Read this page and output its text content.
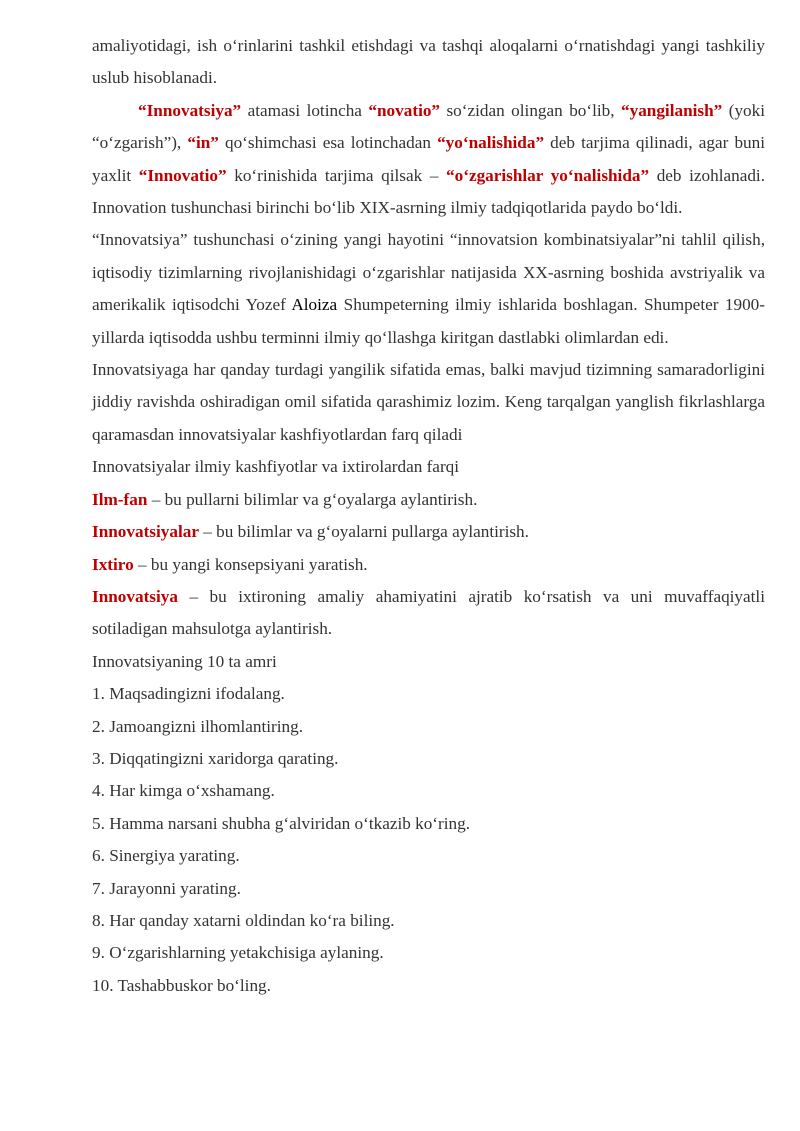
amaliyotidagi, ish o‘rinlarini tashkil etishdagi va tashqi aloqalarni o‘rnatishdagi yangi tashkiliy uslub hisoblanadi.

“Innovatsiya” atamasi lotincha “novatio” so‘zidan olingan bo‘lib, “yangilanish” (yoki “o‘zgarish”), “in” qo‘shimchasi esa lotinchadan “yo‘nalishida” deb tarjima qilinadi, agar buni yaxlit “Innovatio” ko‘rinishida tarjima qilsak – “o‘zgarishlar yo‘nalishida” deb izohlanadi. Innovation tushunchasi birinchi bo‘lib XIX-asrning ilmiy tadqiqotlarida paydo bo‘ldi.

“Innovatsiya” tushunchasi o‘zining yangi hayotini “innovatsion kombinatsiyalar”ni tahlil qilish, iqtisodiy tizimlarning rivojlanishidagi o‘zgarishlar natijasida XX-asrning boshida avstriyalik va amerikalik iqtisodchi Yozef Aloiza Shumpeterning ilmiy ishlarida boshlagan. Shumpeter 1900-yillarda iqtisodda ushbu terminni ilmiy qo‘llashga kiritgan dastlabki olimlardan edi.

Innovatsiyaga har qanday turdagi yangilik sifatida emas, balki mavjud tizimning samaradorligini jiddiy ravishda oshiradigan omil sifatida qarashimiz lozim. Keng tarqalgan yanglish fikrlashlarga qaramasdan innovatsiyalar kashfiyotlardan farq qiladi

Innovatsiyalar ilmiy kashfiyotlar va ixtirolardan farqi

Ilm-fan – bu pullarni bilimlar va g‘oyalarga aylantirish.

Innovatsiyalar – bu bilimlar va g‘oyalarni pullarga aylantirish.

Ixtiro – bu yangi konsepsiyani yaratish.

Innovatsiya – bu ixtironing amaliy ahamiyatini ajratib ko‘rsatish va uni muvaffaqiyatli sotiladigan mahsulotga aylantirish.

Innovatsiyaning 10 ta amri

1. Maqsadingizni ifodalang.

2. Jamoangizni ilhomlantiring.

3. Diqqatingizni xaridorga qarating.

4. Har kimga o‘xshamang.

5. Hamma narsani shubha g‘alviridan o‘tkazib ko‘ring.

6. Sinergiya yarating.

7. Jarayonni yarating.

8. Har qanday xatarni oldindan ko‘ra biling.

9. O‘zgarishlarning yetakchisiga aylaning.

10. Tashabbuskor bo‘ling.
